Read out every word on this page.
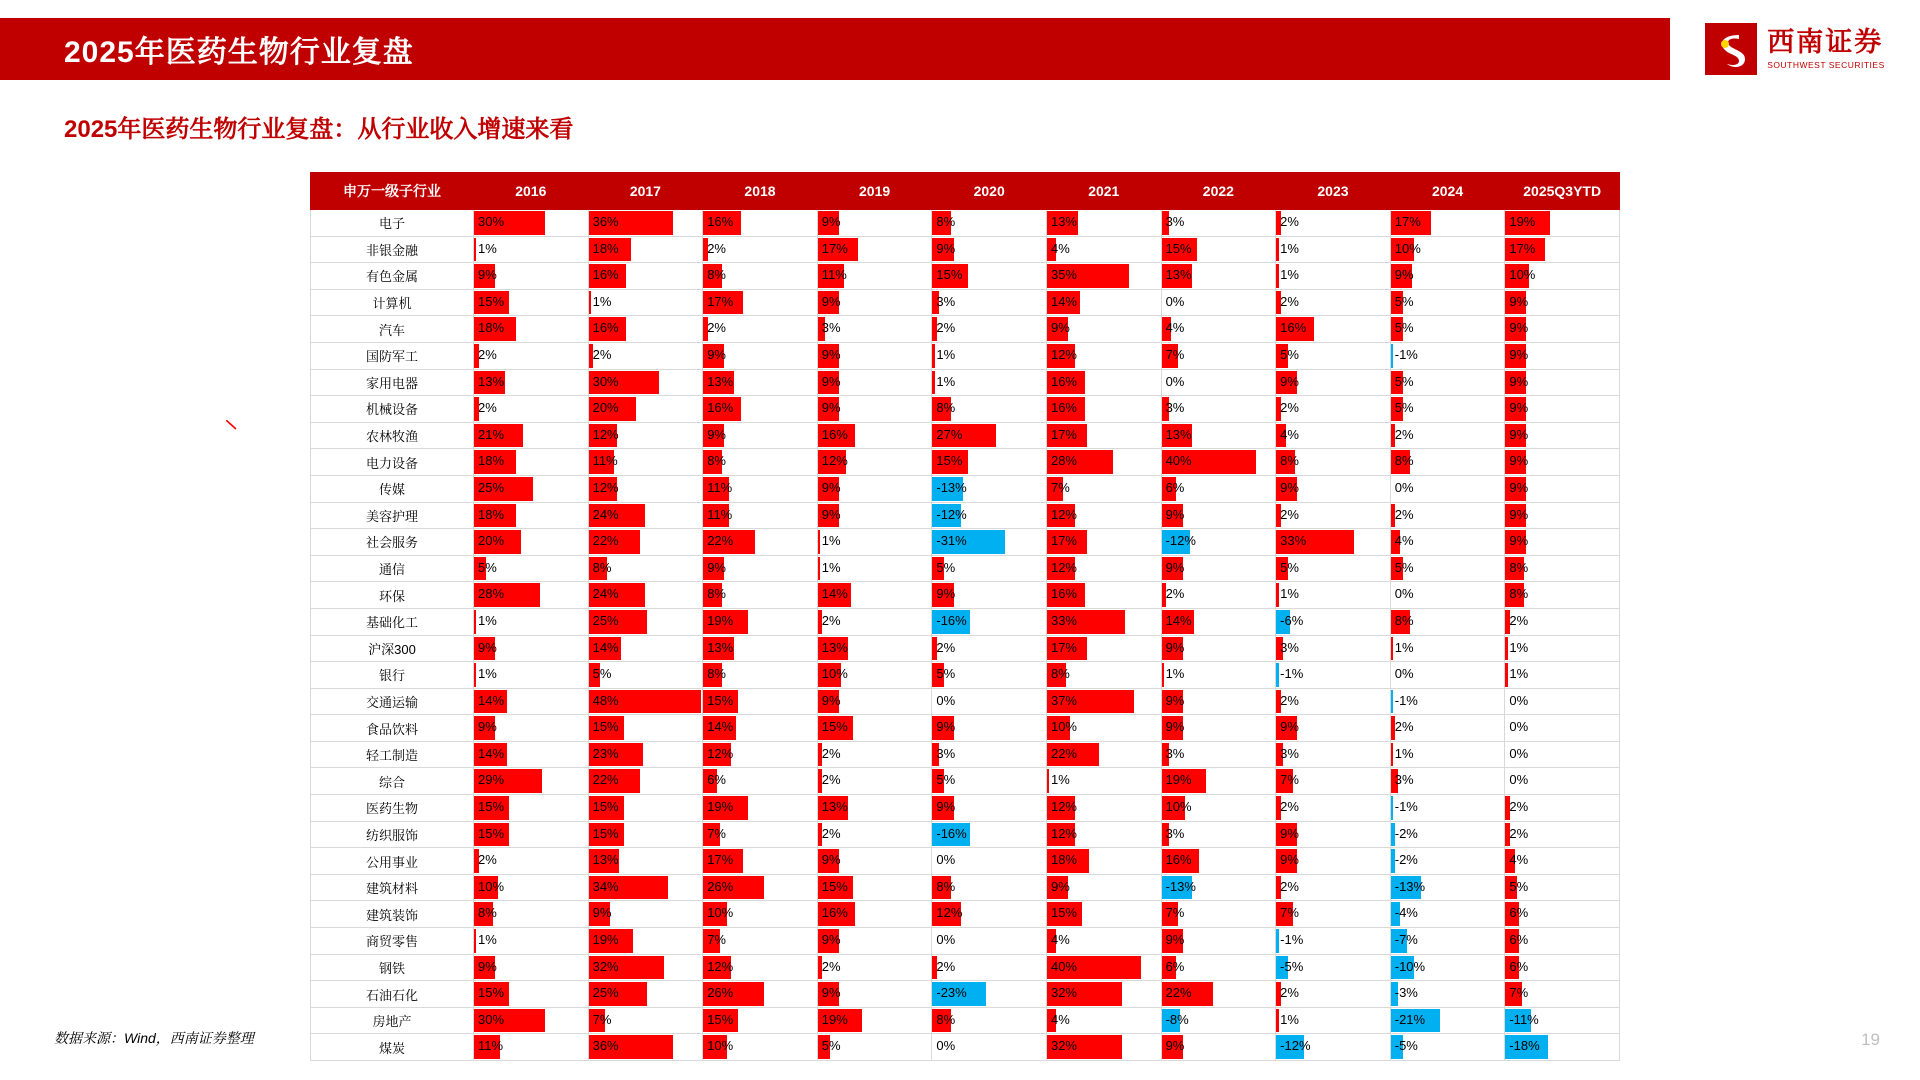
2025年医药生物行业复盘	西南证券
SOUTHWEST SECURITIES
2025年医药生物行业复盘：从行业收入增速来看
申万一级子行业	2016	2017	2018	2019	2020	2021	2022	2023	2024	2025Q3YTD
电子	30%	36%	16%	9%	8%	13%	3%	2%	17%	19%

非银金融	1%	18%	2%	17%	9%	4%	15%	1%	10%	17%

有色金属	9%	16%	8%	11%	15%	35%	13%	1%	9%	10%

计算机	15%	1%	17%	9%	3%	14%	0%	2%	5%	9%

汽车	18%	16%	2%	3%	2%	9%	4%	16%	5%	9%

国防军工	2%	2%	9%	9%	1%	12%	7%	5%	-1%	9%

家用电器	13%	30%	13%	9%	1%	16%	0%	9%	5%	9%

机械设备	2%	20%	16%	9%	8%	16%	3%	2%	5%	9%

农林牧渔	21%	12%	9%	16%	27%	17%	13%	4%	2%	9%

电力设备	18%	11%	8%	12%	15%	28%	40%	8%	8%	9%

传媒	25%	12%	11%	9%	-13%	7%	6%	9%	0%	9%

美容护理	18%	24%	11%	9%	-12%	12%	9%	2%	2%	9%

社会服务	20%	22%	22%	1%	-31%	17%	-12%	33%	4%	9%

通信	5%	8%	9%	1%	5%	12%	9%	5%	5%	8%

环保	28%	24%	8%	14%	9%	16%	2%	1%	0%	8%

基础化工	1%	25%	19%	2%	-16%	33%	14%	-6%	8%	2%

沪深300	9%	14%	13%	13%	2%	17%	9%	3%	1%	1%

银行	1%	5%	8%	10%	5%	8%	1%	-1%	0%	1%

交通运输	14%	48%	15%	9%	0%	37%	9%	2%	-1%	0%

食品饮料	9%	15%	14%	15%	9%	10%	9%	9%	2%	0%

轻工制造	14%	23%	12%	2%	3%	22%	3%	3%	1%	0%

综合	29%	22%	6%	2%	5%	1%	19%	7%	3%	0%

医药生物	15%	15%	19%	13%	9%	12%	10%	2%	-1%	2%

纺织服饰	15%	15%	7%	2%	-16%	12%	3%	9%	-2%	2%

公用事业	2%	13%	17%	9%	0%	18%	16%	9%	-2%	4%

建筑材料	10%	34%	26%	15%	8%	9%	-13%	2%	-13%	5%

建筑装饰	8%	9%	10%	16%	12%	15%	7%	7%	-4%	6%

商贸零售	1%	19%	7%	9%	0%	4%	9%	-1%	-7%	6%

钢铁	9%	32%	12%	2%	2%	40%	6%	-5%	-10%	6%

石油石化	15%	25%	26%	9%	-23%	32%	22%	2%	-3%	7%

房地产	30%	7%	15%	19%	8%	4%	-8%	1%	-21%	-11%

煤炭	11%	36%	10%	5%	0%	32%	9%	-12%	-5%	-18%
数据来源：Wind，西南证券整理	19
